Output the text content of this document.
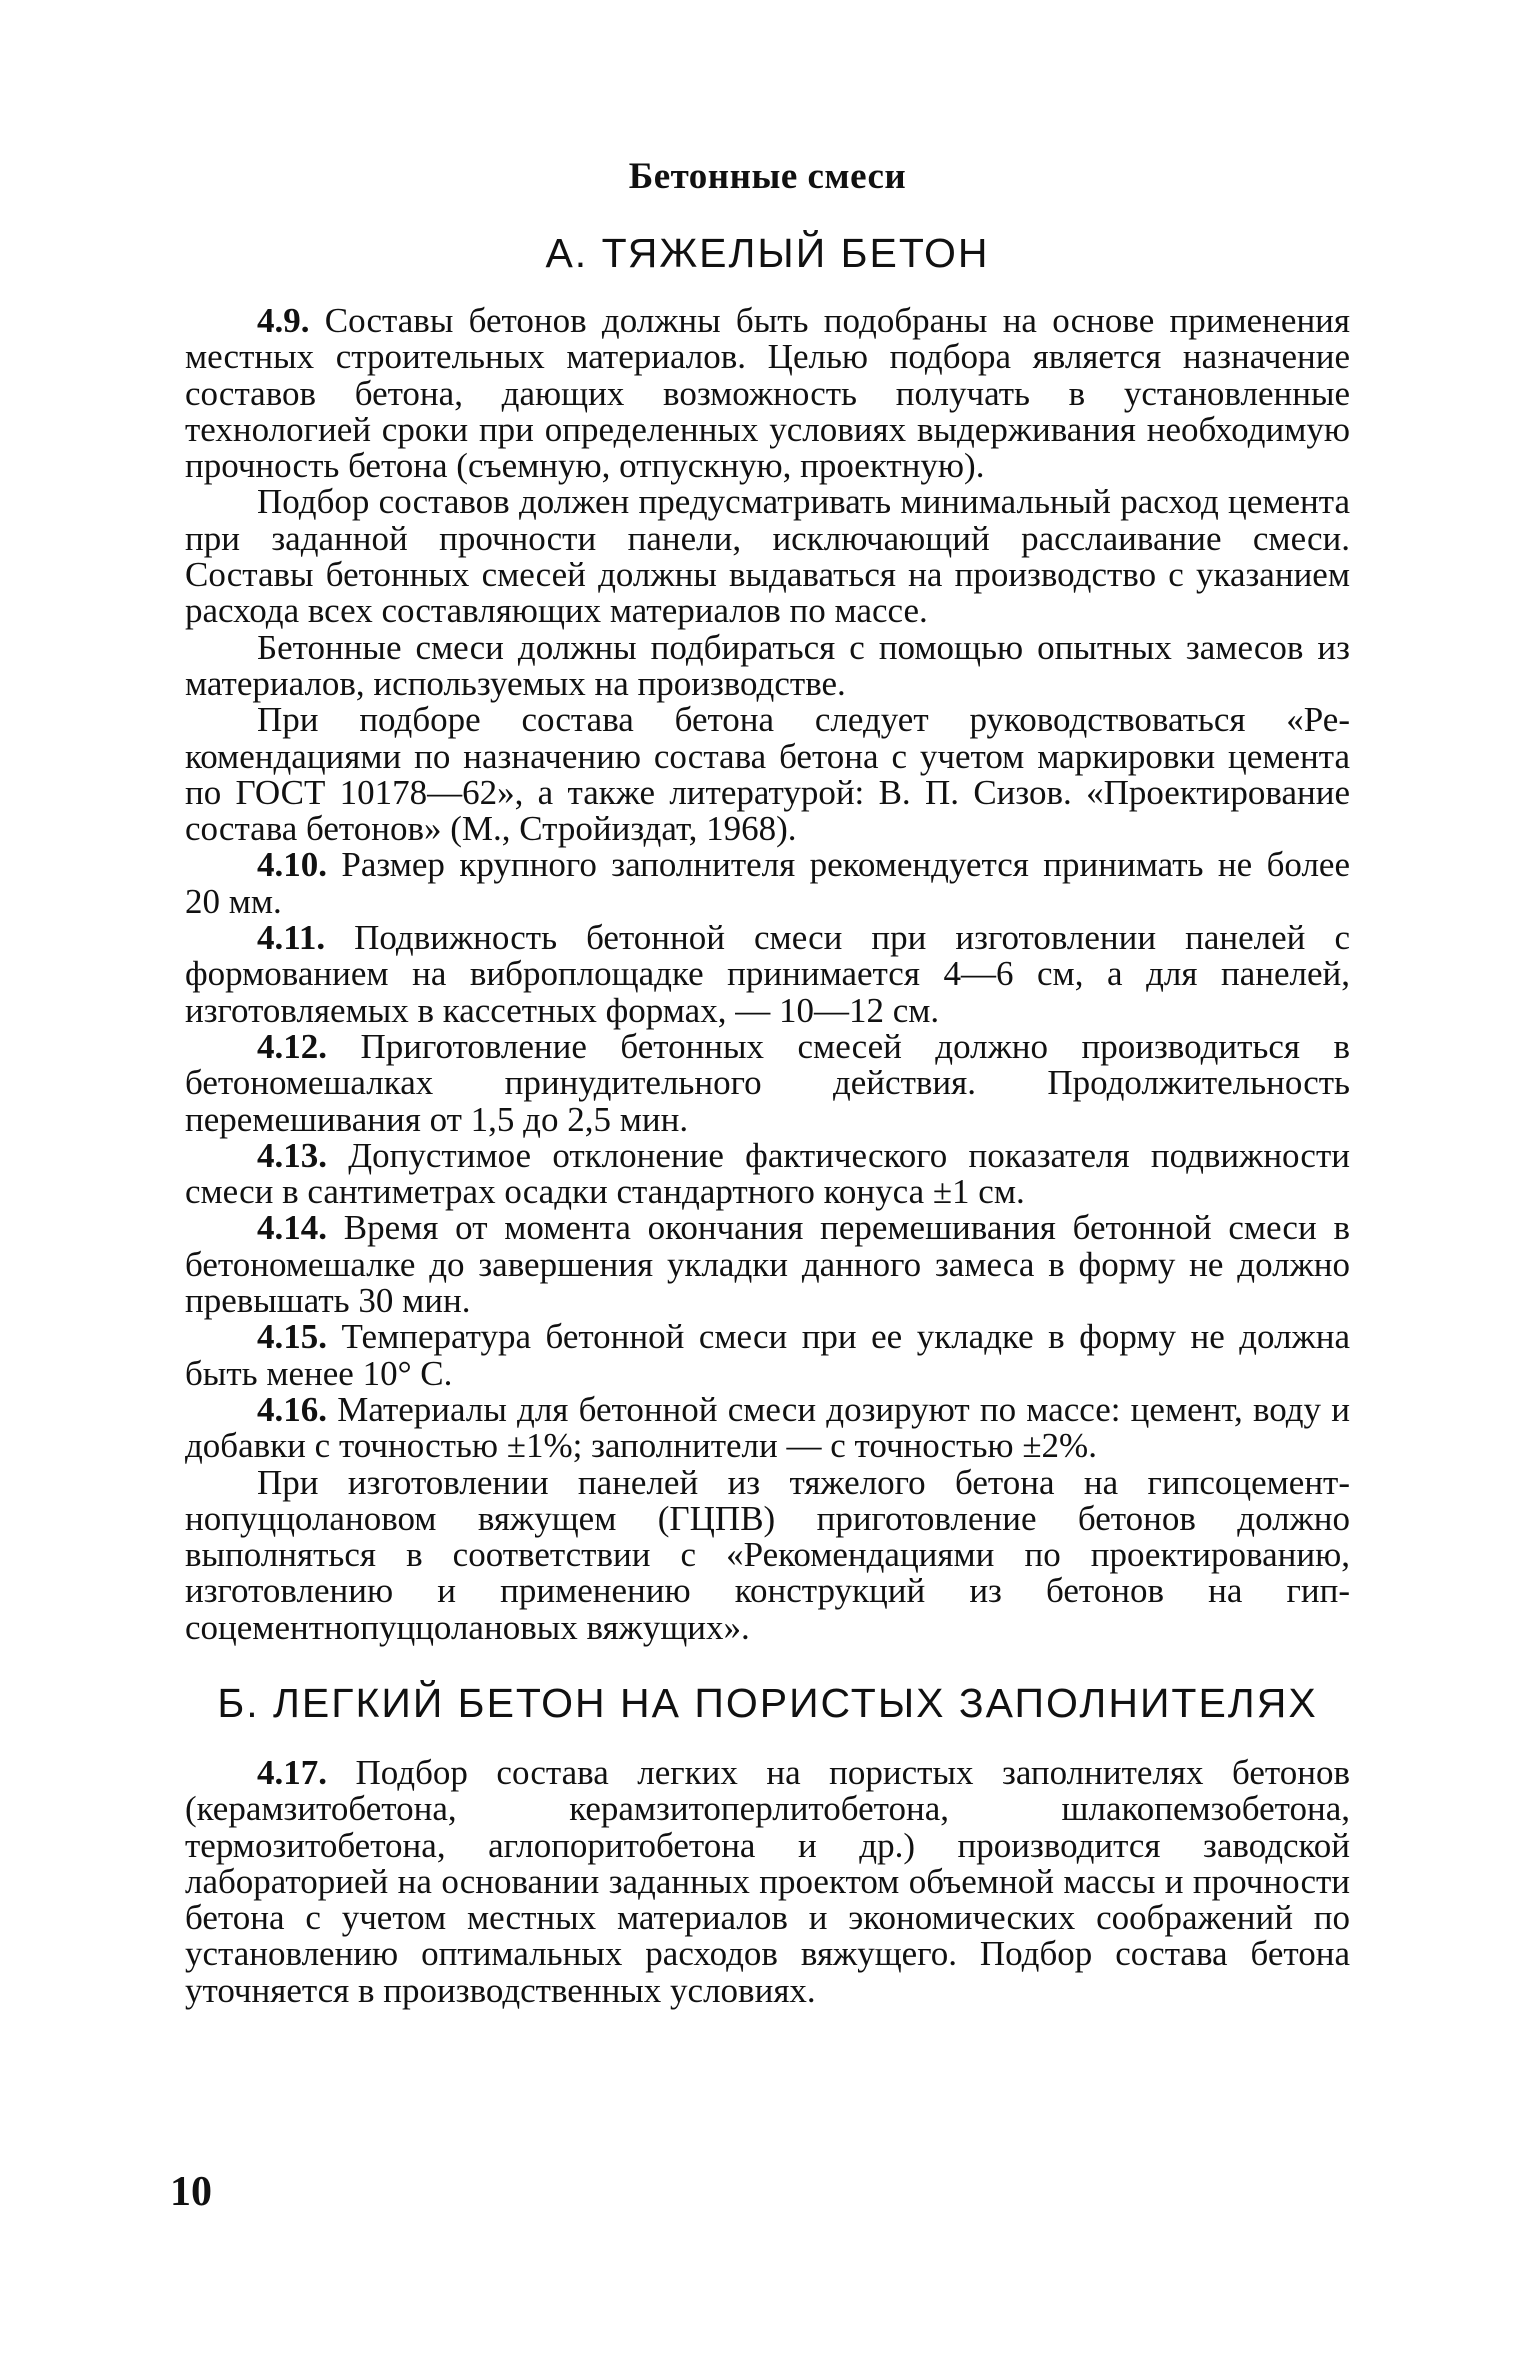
Бетонные смеси
А. ТЯЖЕЛЫЙ БЕТОН

4.9. Составы бетонов должны быть подобраны на основе применения местных строительных материалов. Целью подбора является назначение составов бетона, дающих возможность получать в установленные технологией сроки при определенных условиях выдерживания необходимую прочность бетона (съемную, отпускную, проектную).

Подбор составов должен предусматривать минимальный расход цемента при заданной прочности панели, исключающий расслаивание смеси. Составы бетонных смесей должны выдаваться на производство с указанием расхода всех составляющих материалов по массе.

Бетонные смеси должны подбираться с помощью опытных замесов из материалов, используемых на производстве.

При подборе состава бетона следует руководствоваться «Рекомендациями по назначению состава бетона с учетом маркировки цемента по ГОСТ 10178—62», а также литературой: В. П. Сизов. «Проектирование состава бетонов» (М., Стройиздат, 1968).

4.10. Размер крупного заполнителя рекомендуется принимать не более 20 мм.

4.11. Подвижность бетонной смеси при изготовлении панелей с формованием на виброплощадке принимается 4—6 см, а для панелей, изготовляемых в кассетных формах, — 10—12 см.

4.12. Приготовление бетонных смесей должно производиться в бетономешалках принудительного действия. Продолжительность перемешивания от 1,5 до 2,5 мин.

4.13. Допустимое отклонение фактического показателя подвижности смеси в сантиметрах осадки стандартного конуса ±1 см.

4.14. Время от момента окончания перемешивания бетонной смеси в бетономешалке до завершения укладки данного замеса в форму не должно превышать 30 мин.

4.15. Температура бетонной смеси при ее укладке в форму не должна быть менее 10° С.

4.16. Материалы для бетонной смеси дозируют по массе: цемент, воду и добавки с точностью ±1%; заполнители — с точностью ±2%.

При изготовлении панелей из тяжелого бетона на гипсоцементнопуццолановом вяжущем (ГЦПВ) приготовление бетонов должно выполняться в соответствии с «Рекомендациями по проектированию, изготовлению и применению конструкций из бетонов на гипсоцементнопуццолановых вяжущих».

Б. ЛЕГКИЙ БЕТОН НА ПОРИСТЫХ ЗАПОЛНИТЕЛЯХ

4.17. Подбор состава легких на пористых заполнителях бетонов (керамзитобетона, керамзитоперлитобетона, шлакопемзобетона, термозитобетона, аглопоритобетона и др.) производится заводской лабораторией на основании заданных проектом объемной массы и прочности бетона с учетом местных материалов и экономических соображений по установлению оптимальных расходов вяжущего. Подбор состава бетона уточняется в производственных условиях.

10
